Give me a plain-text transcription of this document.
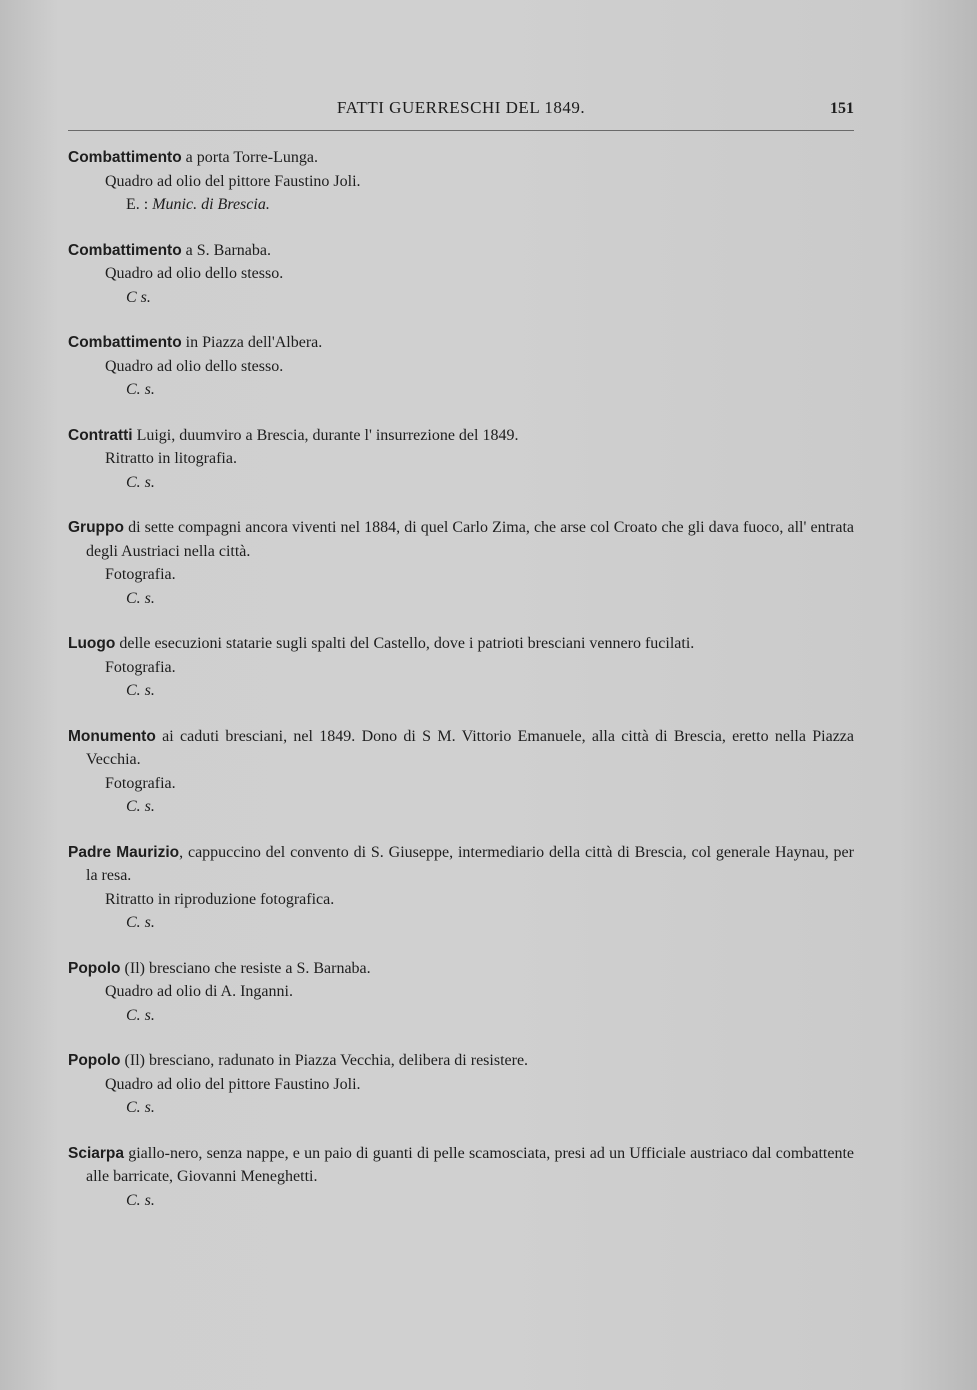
FATTI GUERRESCHI DEL 1849.	151
Combattimento a porta Torre-Lunga.
Quadro ad olio del pittore Faustino Joli.
E. : Munic. di Brescia.
Combattimento a S. Barnaba.
Quadro ad olio dello stesso.
C s.
Combattimento in Piazza dell'Albera.
Quadro ad olio dello stesso.
C. s.
Contratti Luigi, duumviro a Brescia, durante l' insurrezione del 1849.
Ritratto in litografia.
C. s.
Gruppo di sette compagni ancora viventi nel 1884, di quel Carlo Zima, che arse col Croato che gli dava fuoco, all' entrata degli Austriaci nella città.
Fotografia.
C. s.
Luogo delle esecuzioni statarie sugli spalti del Castello, dove i patrioti bresciani vennero fucilati.
Fotografia.
C. s.
Monumento ai caduti bresciani, nel 1849. Dono di S M. Vittorio Emanuele, alla città di Brescia, eretto nella Piazza Vecchia.
Fotografia.
C. s.
Padre Maurizio, cappuccino del convento di S. Giuseppe, intermediario della città di Brescia, col generale Haynau, per la resa.
Ritratto in riproduzione fotografica.
C. s.
Popolo (Il) bresciano che resiste a S. Barnaba.
Quadro ad olio di A. Inganni.
C. s.
Popolo (Il) bresciano, radunato in Piazza Vecchia, delibera di resistere.
Quadro ad olio del pittore Faustino Joli.
C. s.
Sciarpa giallo-nero, senza nappe, e un paio di guanti di pelle scamosciata, presi ad un Ufficiale austriaco dal combattente alle barricate, Giovanni Meneghetti.
C. s.
